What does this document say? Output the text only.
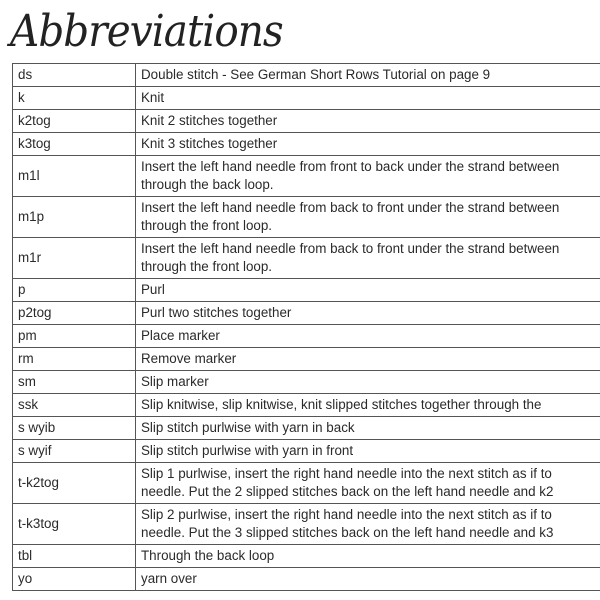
Abbreviations
ds	Double stitch - See German Short Rows Tutorial on page 9

k	Knit

k2tog	Knit 2 stitches together

k3tog	Knit 3 stitches together

m1l	Insert the left hand needle from front to back under the strand between
through the back loop.

m1p	Insert the left hand needle from back to front under the strand between
through the front loop.

m1r	Insert the left hand needle from back to front under the strand between
through the front loop.

p	Purl

p2tog	Purl two stitches together

pm	Place marker

rm	Remove marker

sm	Slip marker

ssk	Slip knitwise, slip knitwise, knit slipped stitches together through the

s wyib	Slip stitch purlwise with yarn in back

s wyif	Slip stitch purlwise with yarn in front

t-k2tog	Slip 1 purlwise, insert the right hand needle into the next stitch as if to
needle. Put the 2 slipped stitches back on the left hand needle and k2

t-k3tog	Slip 2 purlwise, insert the right hand needle into the next stitch as if to
needle. Put the 3 slipped stitches back on the left hand needle and k3

tbl	Through the back loop

yo	yarn over
